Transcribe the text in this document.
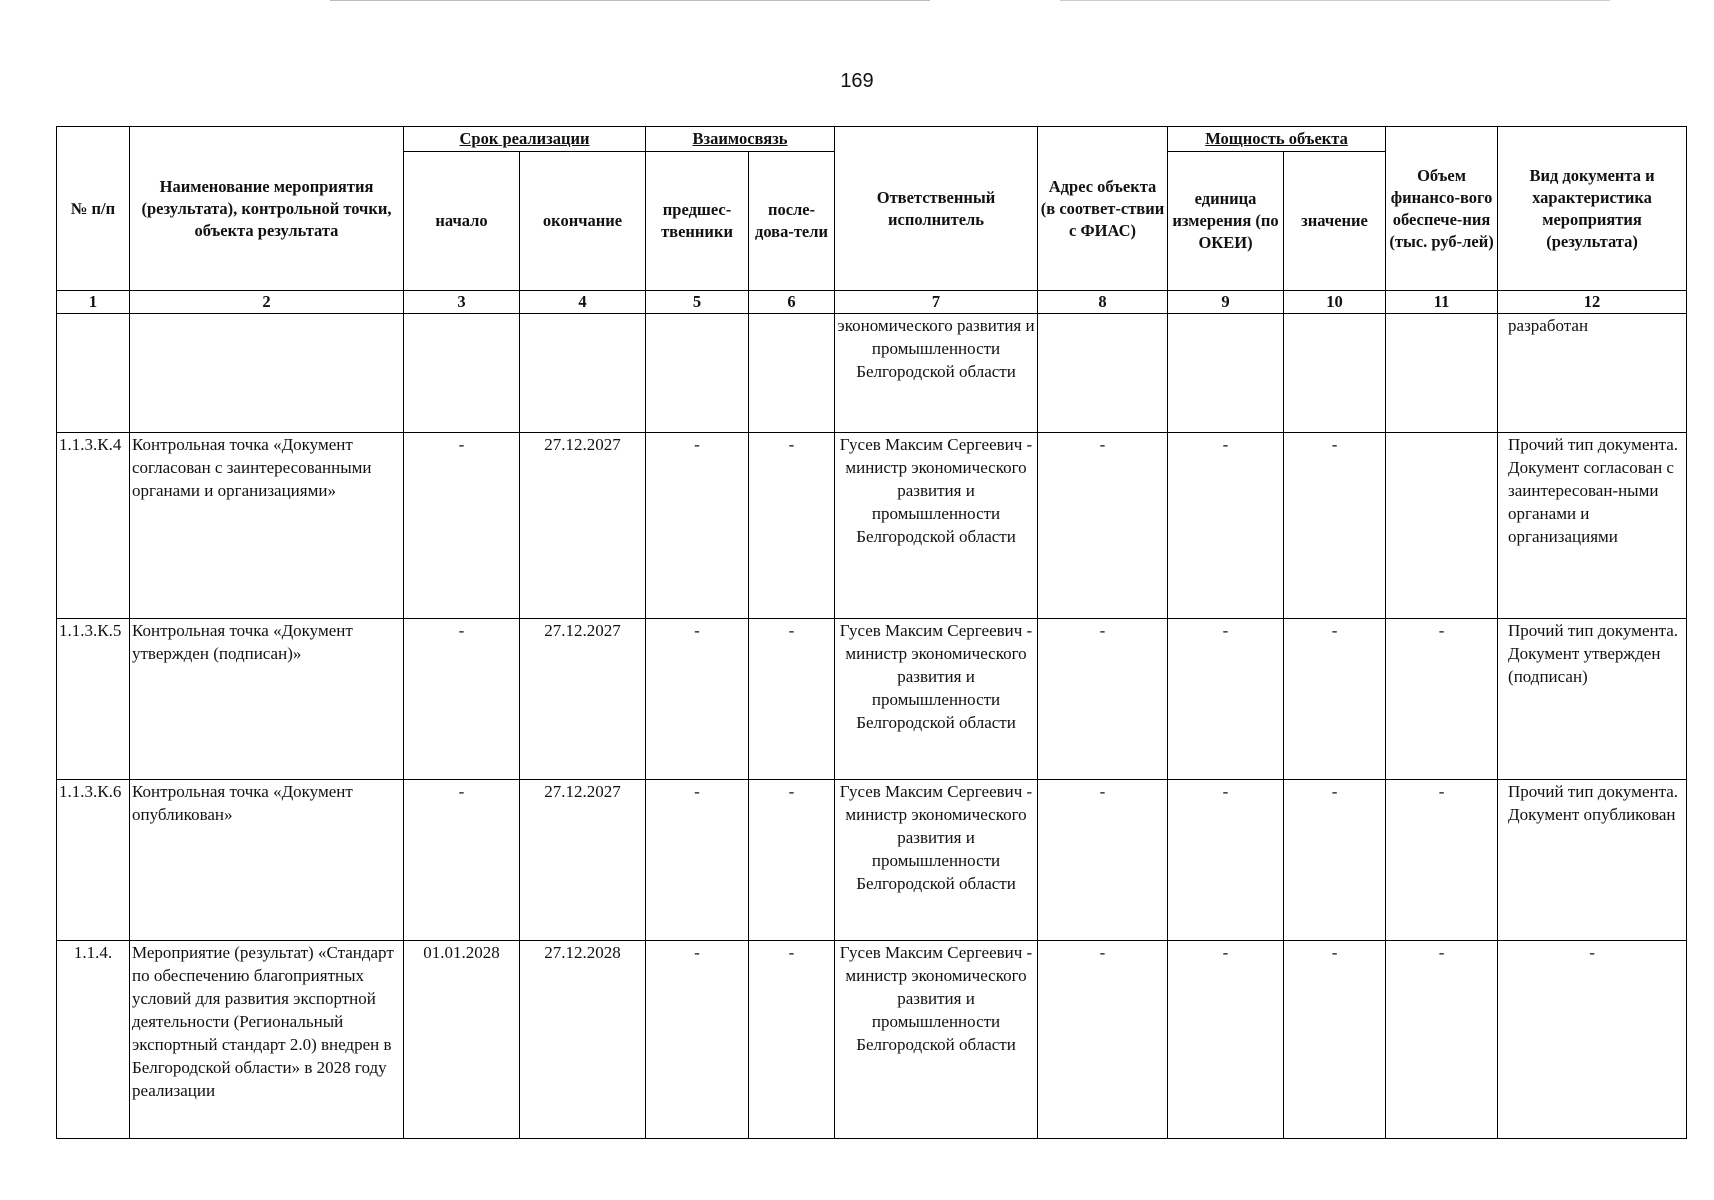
169
№ п/п	Наименование мероприятия (результата), контрольной точки, объекта результата	Срок реализации		Взаимосвязь		Ответственный исполнитель	Адрес объекта (в соответ-ствии с ФИАС)	Мощность объекта		Объем финансо-вого обеспече-ния (тыс. руб-лей)	Вид документа и характеристика мероприятия (результата)
		начало	окончание	предшес-твенники	после-дова-тели			единица измерения (по ОКЕИ)	значение		
1	2	3	4	5	6	7	8	9	10	11	12
						экономического развития и промышленности Белгородской области					разработан
1.1.3.К.4	Контрольная точка «Документ согласован с заинтересованными органами и организациями»	-	27.12.2027	-	-	Гусев Максим Сергеевич - министр экономического развития и промышленности Белгородской области	-	-	-		Прочий тип документа. Документ согласован с заинтересован-ными органами и организациями
1.1.3.К.5	Контрольная точка «Документ утвержден (подписан)»	-	27.12.2027	-	-	Гусев Максим Сергеевич - министр экономического развития и промышленности Белгородской области	-	-	-	-	Прочий тип документа. Документ утвержден (подписан)
1.1.3.К.6	Контрольная точка «Документ опубликован»	-	27.12.2027	-	-	Гусев Максим Сергеевич - министр экономического развития и промышленности Белгородской области	-	-	-	-	Прочий тип документа. Документ опубликован
1.1.4.	Мероприятие (результат) «Стандарт по обеспечению благоприятных условий для развития экспортной деятельности (Региональный экспортный стандарт 2.0) внедрен в Белгородской области» в 2028 году реализации	01.01.2028	27.12.2028	-	-	Гусев Максим Сергеевич - министр экономического развития и промышленности Белгородской области	-	-	-	-	-
